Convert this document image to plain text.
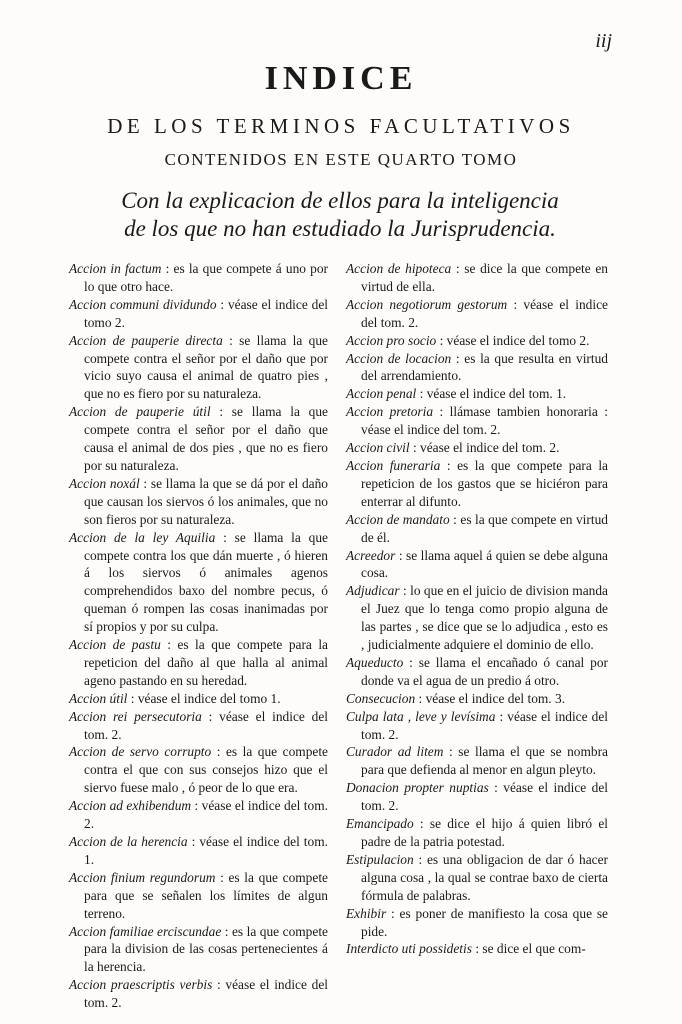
iij
INDICE
DE LOS TERMINOS FACULTATIVOS
CONTENIDOS EN ESTE QUARTO TOMO
Con la explicacion de ellos para la inteligencia
de los que no han estudiado la Jurisprudencia.
Accion in factum : es la que compete á uno por lo que otro hace.
Accion communi dividundo : véase el indice del tomo 2.
Accion de pauperie directa : se llama la que compete contra el señor por el daño que por vicio suyo causa el animal de quatro pies , que no es fiero por su naturaleza.
Accion de pauperie útil : se llama la que compete contra el señor por el daño que causa el animal de dos pies , que no es fiero por su naturaleza.
Accion noxál : se llama la que se dá por el daño que causan los siervos ó los animales, que no son fieros por su naturaleza.
Accion de la ley Aquilia : se llama la que compete contra los que dán muerte , ó hieren á los siervos ó animales agenos comprehendidos baxo del nombre pecus, ó queman ó rompen las cosas inanimadas por sí propios y por su culpa.
Accion de pastu : es la que compete para la repeticion del daño al que halla al animal ageno pastando en su heredad.
Accion útil : véase el indice del tomo 1.
Accion rei persecutoria : véase el indice del tom. 2.
Accion de servo corrupto : es la que compete contra el que con sus consejos hizo que el siervo fuese malo , ó peor de lo que era.
Accion ad exhibendum : véase el indice del tom. 2.
Accion de la herencia : véase el indice del tom. 1.
Accion finium regundorum : es la que compete para que se señalen los límites de algun terreno.
Accion familiae erciscundae : es la que compete para la division de las cosas pertenecientes á la herencia.
Accion praescriptis verbis : véase el indice del tom. 2.
Accion de hipoteca : se dice la que compete en virtud de ella.
Accion negotiorum gestorum : véase el indice del tom. 2.
Accion pro socio : véase el indice del tomo 2.
Accion de locacion : es la que resulta en virtud del arrendamiento.
Accion penal : véase el indice del tom. 1.
Accion pretoria : llámase tambien honoraria : véase el indice del tom. 2.
Accion civil : véase el indice del tom. 2.
Accion funeraria : es la que compete para la repeticion de los gastos que se hiciéron para enterrar al difunto.
Accion de mandato : es la que compete en virtud de él.
Acreedor : se llama aquel á quien se debe alguna cosa.
Adjudicar : lo que en el juicio de division manda el Juez que lo tenga como propio alguna de las partes , se dice que se lo adjudica , esto es , judicialmente adquiere el dominio de ello.
Aqueducto : se llama el encañado ó canal por donde va el agua de un predio á otro.
Consecucion : véase el indice del tom. 3.
Culpa lata , leve y levísima : véase el indice del tom. 2.
Curador ad litem : se llama el que se nombra para que defienda al menor en algun pleyto.
Donacion propter nuptias : véase el indice del tom. 2.
Emancipado : se dice el hijo á quien libró el padre de la patria potestad.
Estipulacion : es una obligacion de dar ó hacer alguna cosa , la qual se contrae baxo de cierta fórmula de palabras.
Exhibir : es poner de manifiesto la cosa que se pide.
Interdicto uti possidetis : se dice el que com-
